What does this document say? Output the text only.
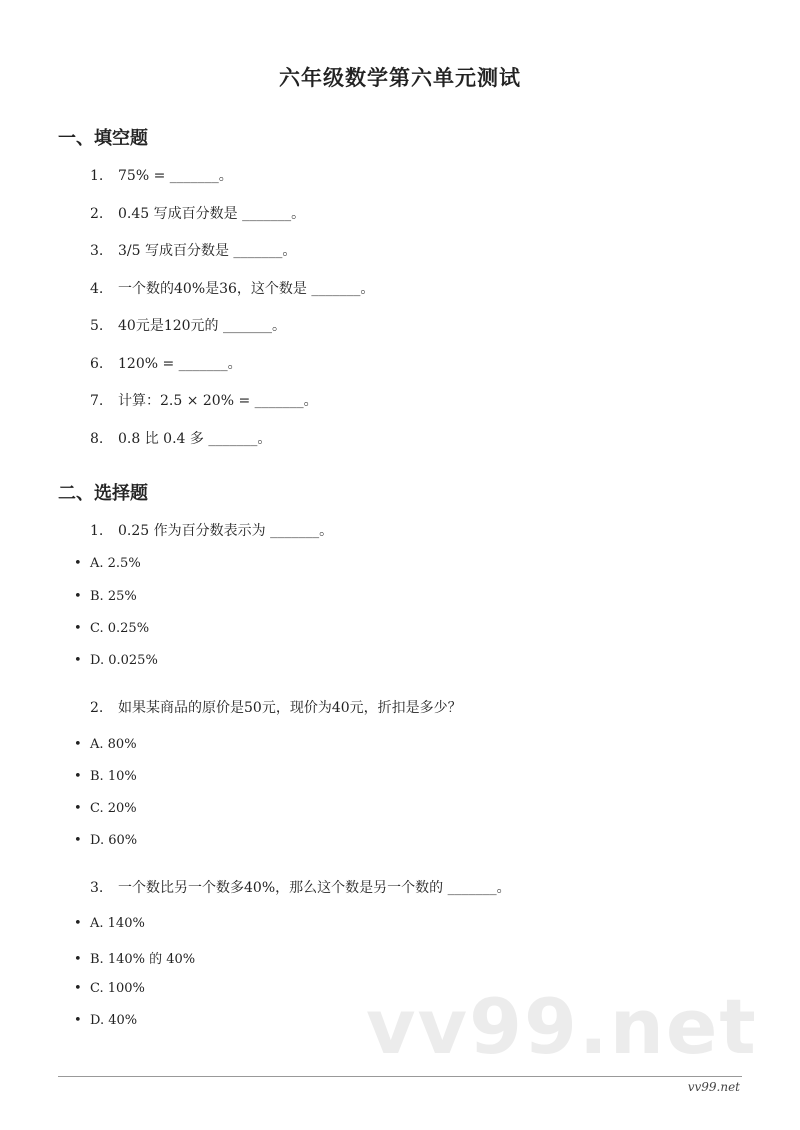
六年级数学第六单元测试
一、填空题
1. 75% = _______。
2. 0.45 写成百分数是 _______。
3. 3/5 写成百分数是 _______。
4. 一个数的40%是36，这个数是 _______。
5. 40元是120元的 _______。
6. 120% = _______。
7. 计算：2.5 × 20% = _______。
8. 0.8 比 0.4 多 _______。
二、选择题
1. 0.25 作为百分数表示为 _______。
• A. 2.5%
• B. 25%
• C. 0.25%
• D. 0.025%
2. 如果某商品的原价是50元，现价为40元，折扣是多少？
• A. 80%
• B. 10%
• C. 20%
• D. 60%
3. 一个数比另一个数多40%，那么这个数是另一个数的 _______。
• A. 140%
• B. 140% 的 40%
• C. 100%
• D. 40%	vv99.net
vv99.net
